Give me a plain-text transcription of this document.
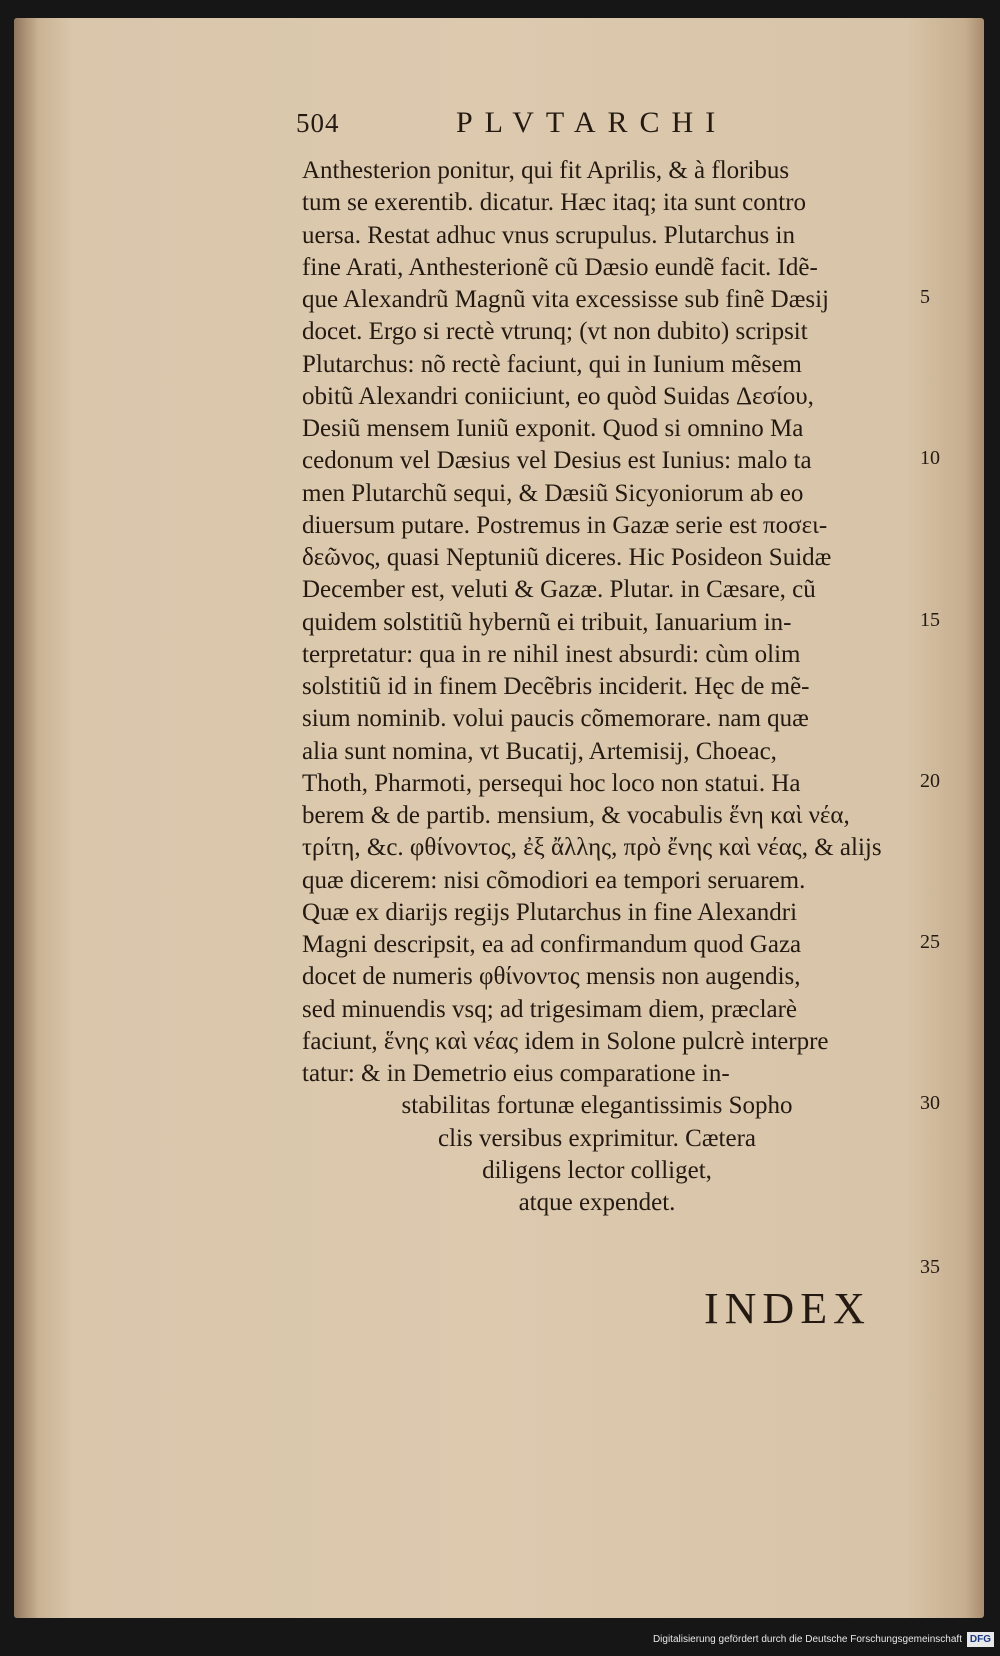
504	PLVTARCHI
Anthesterion ponitur, qui fit Aprilis, & à floribus
tum se exerentib. dicatur. Hæc itaq; ita sunt contro
uersa. Restat adhuc vnus scrupulus. Plutarchus in
fine Arati, Anthesterionẽ cũ Dæsio eundẽ facit. Idẽ-
que Alexandrũ Magnũ vita excessisse sub finẽ Dæsij
docet. Ergo si rectè vtrunq; (vt non dubito) scripsit
Plutarchus: nõ rectè faciunt, qui in Iunium mẽsem
obitũ Alexandri coniiciunt, eo quòd Suidas Δεσίου,
Desiũ mensem Iuniũ exponit. Quod si omnino Ma
cedonum vel Dæsius vel Desius est Iunius: malo ta
men Plutarchũ sequi, & Dæsiũ Sicyoniorum ab eo
diuersum putare. Postremus in Gazæ serie est ποσει-
δεῶνος, quasi Neptuniũ diceres. Hic Posideon Suidæ
December est, veluti & Gazæ. Plutar. in Cæsare, cũ
quidem solstitiũ hybernũ ei tribuit, Ianuarium in-
terpretatur: qua in re nihil inest absurdi: cùm olim
solstitiũ id in finem Decẽbris inciderit. Hęc de mẽ-
sium nominib. volui paucis cõmemorare. nam quæ
alia sunt nomina, vt Bucatij, Artemisij, Choeac,
Thoth, Pharmoti, persequi hoc loco non statui. Ha
berem & de partib. mensium, & vocabulis ἕνη καὶ νέα,
τρίτη, &c. φθίνοντος, ἐξ ἄλλης, πρὸ ἔνης καὶ νέας, & alijs
quæ dicerem: nisi cõmodiori ea tempori seruarem.
Quæ ex diarijs regijs Plutarchus in fine Alexandri
Magni descripsit, ea ad confirmandum quod Gaza
docet de numeris φθίνοντος mensis non augendis,
sed minuendis vsq; ad trigesimam diem, præclarè
faciunt, ἕνης καὶ νέας idem in Solone pulcrè interpre
tatur: & in Demetrio eius comparatione in-
stabilitas fortunæ elegantissimis Sopho
clis versibus exprimitur. Cætera
diligens lector colliget,
atque expendet.
5
10
15
20
25
30
35
INDEX
Digitalisierung gefördert durch die Deutsche Forschungsgemeinschaft DFG
